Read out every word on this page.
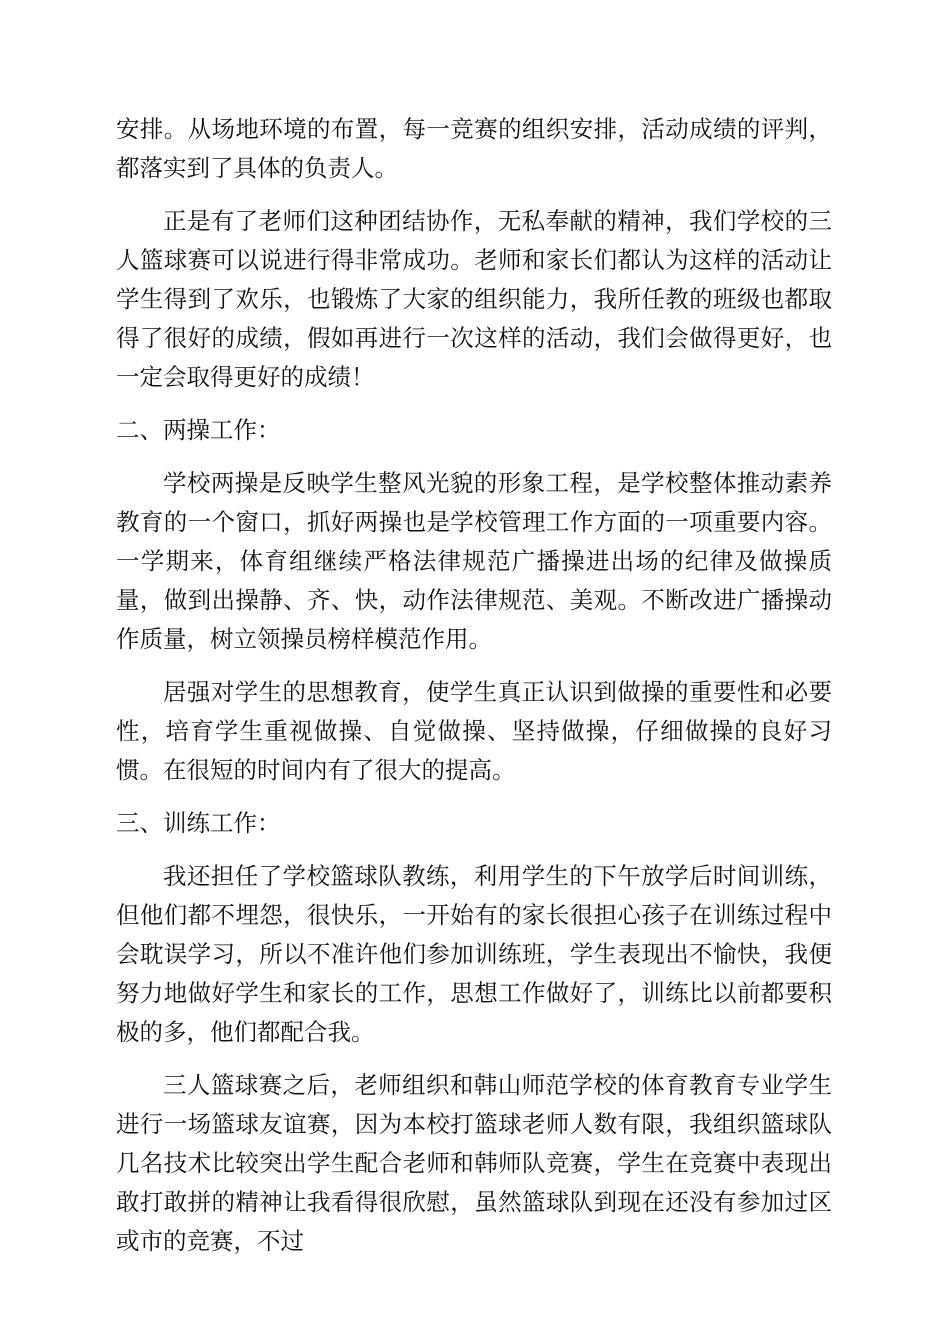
安排。从场地环境的布置，每一竞赛的组织安排，活动成绩的评判，都落实到了具体的负责人。

正是有了老师们这种团结协作，无私奉献的精神，我们学校的三人篮球赛可以说进行得非常成功。老师和家长们都认为这样的活动让学生得到了欢乐，也锻炼了大家的组织能力，我所任教的班级也都取得了很好的成绩，假如再进行一次这样的活动，我们会做得更好，也一定会取得更好的成绩！

二、两操工作：

学校两操是反映学生整风光貌的形象工程，是学校整体推动素养教育的一个窗口，抓好两操也是学校管理工作方面的一项重要内容。一学期来，体育组继续严格法律规范广播操进出场的纪律及做操质量，做到出操静、齐、快，动作法律规范、美观。不断改进广播操动作质量，树立领操员榜样模范作用。

居强对学生的思想教育，使学生真正认识到做操的重要性和必要性，培育学生重视做操、自觉做操、坚持做操，仔细做操的良好习惯。在很短的时间内有了很大的提高。

三、训练工作：

我还担任了学校篮球队教练，利用学生的下午放学后时间训练，但他们都不埋怨，很快乐，一开始有的家长很担心孩子在训练过程中会耽误学习，所以不准许他们参加训练班，学生表现出不愉快，我便努力地做好学生和家长的工作，思想工作做好了，训练比以前都要积极的多，他们都配合我。

三人篮球赛之后，老师组织和韩山师范学校的体育教育专业学生进行一场篮球友谊赛，因为本校打篮球老师人数有限，我组织篮球队几名技术比较突出学生配合老师和韩师队竞赛，学生在竞赛中表现出敢打敢拼的精神让我看得很欣慰，虽然篮球队到现在还没有参加过区或市的竞赛，不过
